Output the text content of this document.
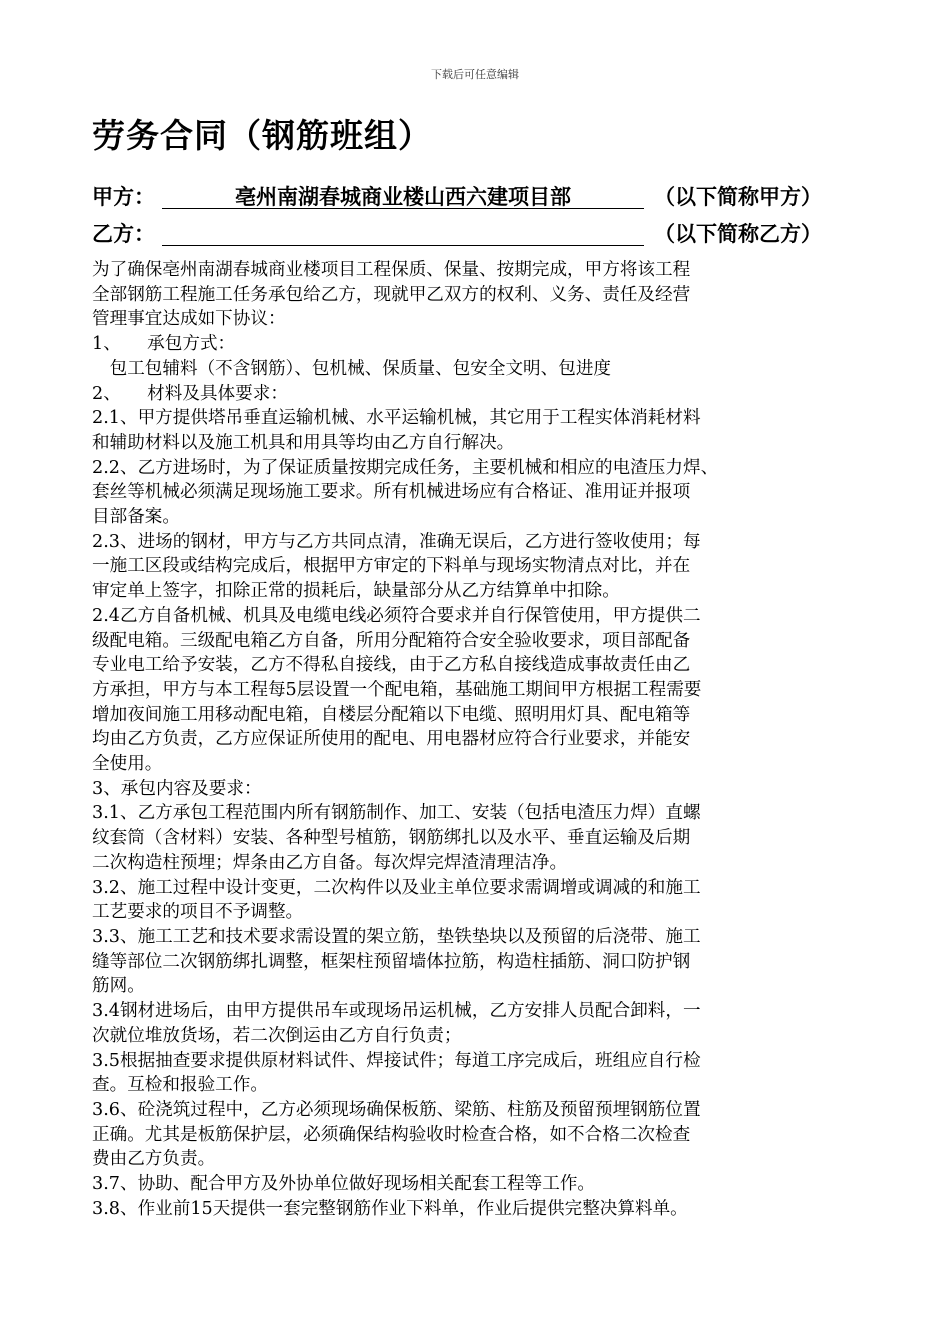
下载后可任意编辑
劳务合同（钢筋班组）
甲方：	亳州南湖春城商业楼山西六建项目部	（以下简称甲方）
乙方：	（以下简称乙方）

为了确保亳州南湖春城商业楼项目工程保质、保量、按期完成，甲方将该工程

全部钢筋工程施工任务承包给乙方，现就甲乙双方的权利、义务、责任及经营

管理事宜达成如下协议：

1、　　承包方式：

　包工包辅料（不含钢筋）、包机械、保质量、包安全文明、包进度

2、　　材料及具体要求：

2.1、甲方提供塔吊垂直运输机械、水平运输机械，其它用于工程实体消耗材料

和辅助材料以及施工机具和用具等均由乙方自行解决。

2.2、乙方进场时，为了保证质量按期完成任务，主要机械和相应的电渣压力焊、

套丝等机械必须满足现场施工要求。所有机械进场应有合格证、准用证并报项

目部备案。

2.3、进场的钢材，甲方与乙方共同点清，准确无误后，乙方进行签收使用；每

一施工区段或结构完成后，根据甲方审定的下料单与现场实物清点对比，并在

审定单上签字，扣除正常的损耗后，缺量部分从乙方结算单中扣除。

2.4乙方自备机械、机具及电缆电线必须符合要求并自行保管使用，甲方提供二

级配电箱。三级配电箱乙方自备，所用分配箱符合安全验收要求，项目部配备

专业电工给予安装，乙方不得私自接线，由于乙方私自接线造成事故责任由乙

方承担，甲方与本工程每5层设置一个配电箱，基础施工期间甲方根据工程需要

增加夜间施工用移动配电箱，自楼层分配箱以下电缆、照明用灯具、配电箱等

均由乙方负责，乙方应保证所使用的配电、用电器材应符合行业要求，并能安

全使用。

3、承包内容及要求：

3.1、乙方承包工程范围内所有钢筋制作、加工、安装（包括电渣压力焊）直螺

纹套筒（含材料）安装、各种型号植筋，钢筋绑扎以及水平、垂直运输及后期

二次构造柱预埋；焊条由乙方自备。每次焊完焊渣清理洁净。

3.2、施工过程中设计变更，二次构件以及业主单位要求需调增或调减的和施工

工艺要求的项目不予调整。

3.3、施工工艺和技术要求需设置的架立筋，垫铁垫块以及预留的后浇带、施工

缝等部位二次钢筋绑扎调整，框架柱预留墙体拉筋，构造柱插筋、洞口防护钢

筋网。

3.4钢材进场后，由甲方提供吊车或现场吊运机械，乙方安排人员配合卸料，一

次就位堆放货场，若二次倒运由乙方自行负责；

3.5根据抽查要求提供原材料试件、焊接试件；每道工序完成后，班组应自行检

查。互检和报验工作。

3.6、砼浇筑过程中，乙方必须现场确保板筋、梁筋、柱筋及预留预埋钢筋位置

正确。尤其是板筋保护层，必须确保结构验收时检查合格，如不合格二次检查

费由乙方负责。

3.7、协助、配合甲方及外协单位做好现场相关配套工程等工作。

3.8、作业前15天提供一套完整钢筋作业下料单，作业后提供完整决算料单。
